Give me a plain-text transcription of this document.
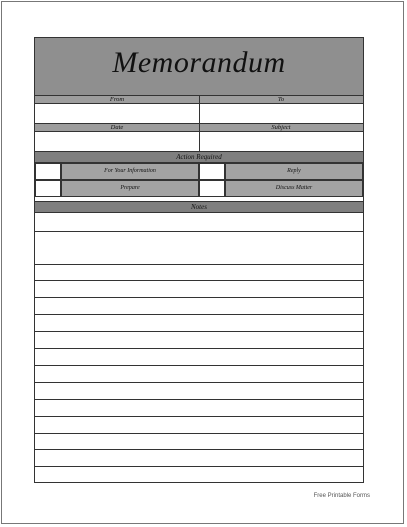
Memorandum
From	To
Date	Subject
Action Required
For Your Information	Reply
Prepare	Discuss Matter
Notes
Free Printable Forms
